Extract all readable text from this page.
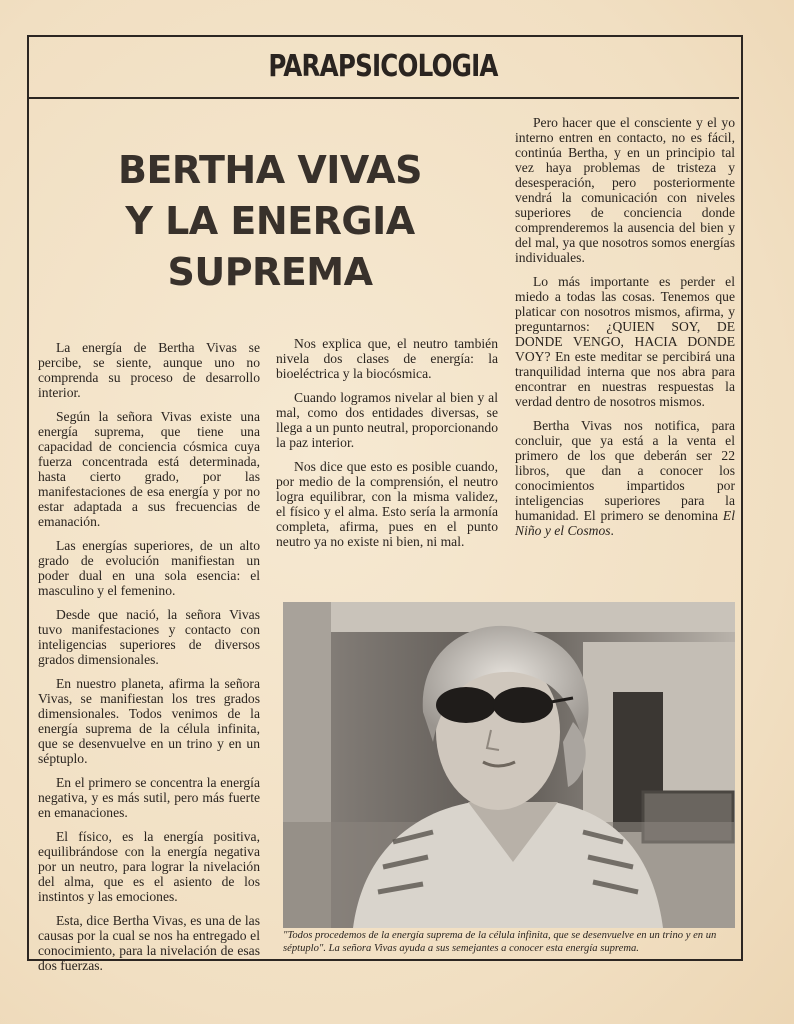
PARAPSICOLOGIA
BERTHA VIVAS
Y LA ENERGIA
SUPREMA

La energía de Bertha Vivas se percibe, se siente, aunque uno no comprenda su proceso de desarrollo interior.

Según la señora Vivas existe una energía suprema, que tiene una capacidad de conciencia cósmica cuya fuerza concentrada está determinada, hasta cierto grado, por las manifestaciones de esa energía y por no estar adaptada a sus frecuencias de emanación.

Las energías superiores, de un alto grado de evolución manifiestan un poder dual en una sola esencia: el masculino y el femenino.

Desde que nació, la señora Vivas tuvo manifestaciones y contacto con inteligencias superiores de diversos grados dimensionales.

En nuestro planeta, afirma la señora Vivas, se manifiestan los tres grados dimensionales. Todos venimos de la energía suprema de la célula infinita, que se desenvuelve en un trino y en un séptuplo.

En el primero se concentra la energía negativa, y es más sutil, pero más fuerte en emanaciones.

El físico, es la energía positiva, equilibrándose con la energía negativa por un neutro, para lograr la nivelación del alma, que es el asiento de los instintos y las emociones.

Esta, dice Bertha Vivas, es una de las causas por la cual se nos ha entregado el conocimiento, para la nivelación de esas dos fuerzas.

Nos explica que, el neutro también nivela dos clases de energía: la bioeléctrica y la biocósmica.

Cuando logramos nivelar al bien y al mal, como dos entidades diversas, se llega a un punto neutral, proporcionando la paz interior.

Nos dice que esto es posible cuando, por medio de la comprensión, el neutro logra equilibrar, con la misma validez, el físico y el alma. Esto sería la armonía completa, afirma, pues en el punto neutro ya no existe ni bien, ni mal.

Pero hacer que el consciente y el yo interno entren en contacto, no es fácil, continúa Bertha, y en un principio tal vez haya problemas de tristeza y desesperación, pero posteriormente vendrá la comunicación con niveles superiores de conciencia donde comprenderemos la ausencia del bien y del mal, ya que nosotros somos energías individuales.

Lo más importante es perder el miedo a todas las cosas. Tenemos que platicar con nosotros mismos, afirma, y preguntarnos: ¿QUIEN SOY, DE DONDE VENGO, HACIA DONDE VOY? En este meditar se percibirá una tranquilidad interna que nos abra para encontrar en nuestras respuestas la verdad dentro de nosotros mismos.

Bertha Vivas nos notifica, para concluir, que ya está a la venta el primero de los que deberán ser 22 libros, que dan a conocer los conocimientos impartidos por inteligencias superiores para la humanidad. El primero se denomina El Niño y el Cosmos.

"Todos procedemos de la energía suprema de la célula infinita, que se desenvuelve en un trino y en un séptuplo". La señora Vivas ayuda a sus semejantes a conocer esta energía suprema.
